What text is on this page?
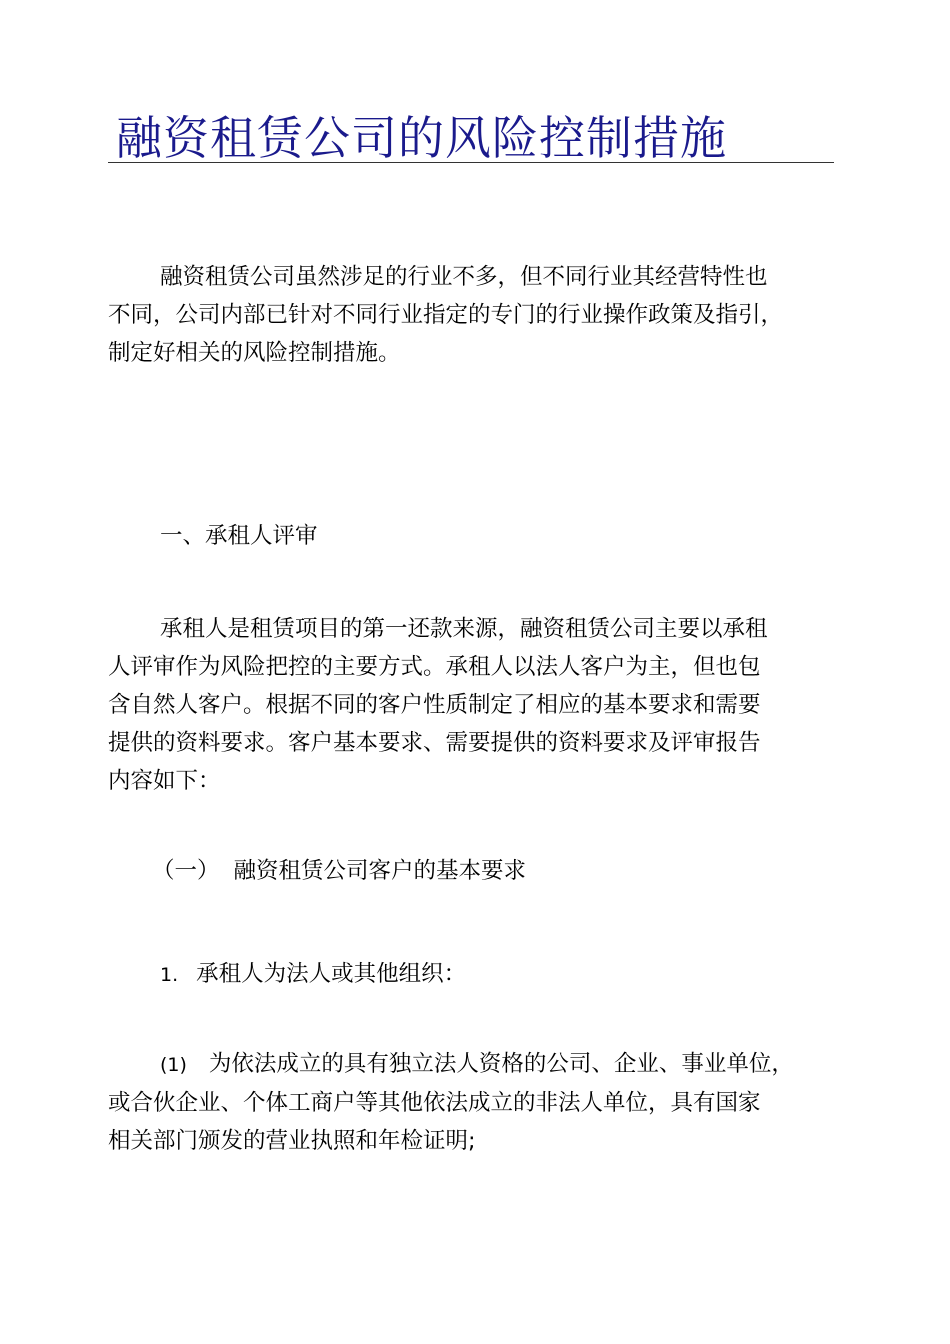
融资租赁公司的风险控制措施
融资租赁公司虽然涉足的行业不多，但不同行业其经营特性也
不同，公司内部已针对不同行业指定的专门的行业操作政策及指引，
制定好相关的风险控制措施。
一、承租人评审
承租人是租赁项目的第一还款来源，融资租赁公司主要以承租
人评审作为风险把控的主要方式。承租人以法人客户为主，但也包
含自然人客户。根据不同的客户性质制定了相应的基本要求和需要
提供的资料要求。客户基本要求、需要提供的资料要求及评审报告
内容如下：
（一） 融资租赁公司客户的基本要求
1. 承租人为法人或其他组织：
(1) 为依法成立的具有独立法人资格的公司、企业、事业单位，
或合伙企业、个体工商户等其他依法成立的非法人单位，具有国家
相关部门颁发的营业执照和年检证明;
